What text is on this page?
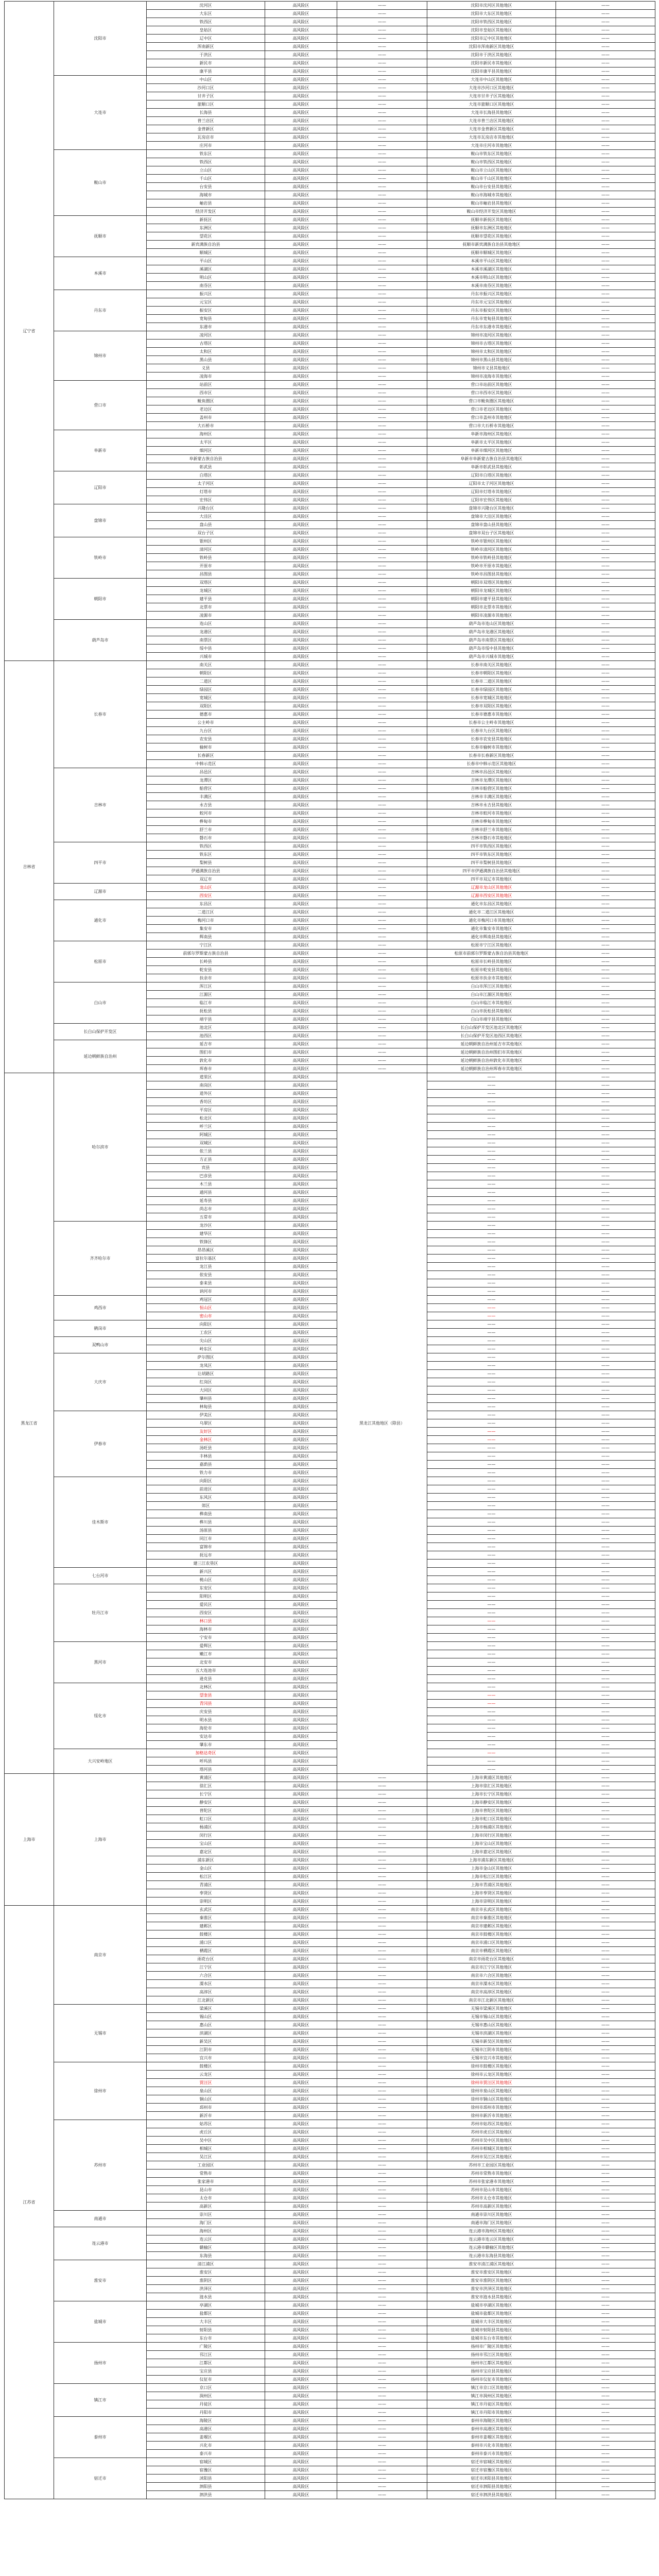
辽宁省	沈阳市	沈河区	高风险区	——	沈阳市沈河区其他地区	——
		大东区	高风险区	——	沈阳市大东区其他地区	——
		铁西区	高风险区	——	沈阳市铁西区其他地区	——
		皇姑区	高风险区	——	沈阳市皇姑区其他地区	——
		辽中区	高风险区	——	沈阳市辽中区其他地区	——
		浑南新区	高风险区	——	沈阳市浑南新区其他地区	——
		于洪区	高风险区	——	沈阳市于洪区其他地区	——
		新民市	高风险区	——	沈阳市新民市其他地区	——
		康平县	高风险区	——	沈阳市康平县其他地区	——
	大连市	中山区	高风险区	——	大连市中山区其他地区	——
		沙河口区	高风险区	——	大连市沙河口区其他地区	——
		甘井子区	高风险区	——	大连市甘井子区其他地区	——
		旅顺口区	高风险区	——	大连市旅顺口区其他地区	——
		长海县	高风险区	——	大连市长海县其他地区	——
		普兰店区	高风险区	——	大连市普兰店区其他地区	——
		金普新区	高风险区	——	大连市金普新区其他地区	——
		瓦房店市	高风险区	——	大连市瓦房店市其他地区	——
		庄河市	高风险区	——	大连市庄河市其他地区	——
	鞍山市	铁东区	高风险区	——	鞍山市铁东区其他地区	——
		铁西区	高风险区	——	鞍山市铁西区其他地区	——
		立山区	高风险区	——	鞍山市立山区其他地区	——
		千山区	高风险区	——	鞍山市千山区其他地区	——
		台安县	高风险区	——	鞍山市台安县其他地区	——
		海城市	高风险区	——	鞍山市海城市其他地区	——
		岫岩县	高风险区	——	鞍山市岫岩县其他地区	——
		经济开发区	高风险区	——	鞍山市经济开发区其他地区	——
	抚顺市	新抚区	高风险区	——	抚顺市新抚区其他地区	——
		东洲区	高风险区	——	抚顺市东洲区其他地区	——
		望花区	高风险区	——	抚顺市望花区其他地区	——
		新宾满族自治县	高风险区	——	抚顺市新宾满族自治县其他地区	——
		顺城区	高风险区	——	抚顺市顺城区其他地区	——
	本溪市	平山区	高风险区	——	本溪市平山区其他地区	——
		溪湖区	高风险区	——	本溪市溪湖区其他地区	——
		明山区	高风险区	——	本溪市明山区其他地区	——
		南芬区	高风险区	——	本溪市南芬区其他地区	——
	丹东市	振兴区	高风险区	——	丹东市振兴区其他地区	——
		元宝区	高风险区	——	丹东市元宝区其他地区	——
		振安区	高风险区	——	丹东市振安区其他地区	——
		宽甸县	高风险区	——	丹东市宽甸县其他地区	——
		东港市	高风险区	——	丹东市东港市其他地区	——
	锦州市	凌河区	高风险区	——	锦州市凌河区其他地区	——
		古塔区	高风险区	——	锦州市古塔区其他地区	——
		太和区	高风险区	——	锦州市太和区其他地区	——
		黑山县	高风险区	——	锦州市黑山县其他地区	——
		义县	高风险区	——	锦州市义县其他地区	——
		凌海市	高风险区	——	锦州市凌海市其他地区	——
	营口市	站前区	高风险区	——	营口市站前区其他地区	——
		西市区	高风险区	——	营口市西市区其他地区	——
		鲅鱼圈区	高风险区	——	营口市鲅鱼圈区其他地区	——
		老边区	高风险区	——	营口市老边区其他地区	——
		盖州市	高风险区	——	营口市盖州市其他地区	——
		大石桥市	高风险区	——	营口市大石桥市其他地区	——
	阜新市	海州区	高风险区	——	阜新市海州区其他地区	——
		太平区	高风险区	——	阜新市太平区其他地区	——
		细河区	高风险区	——	阜新市细河区其他地区	——
		阜新蒙古族自治县	高风险区	——	阜新市阜新蒙古族自治县其他地区	——
		彰武县	高风险区	——	阜新市彰武县其他地区	——
	辽阳市	白塔区	高风险区	——	辽阳市白塔区其他地区	——
		太子河区	高风险区	——	辽阳市太子河区其他地区	——
		灯塔市	高风险区	——	辽阳市灯塔市其他地区	——
		宏伟区	高风险区	——	辽阳市宏伟区其他地区	——
	盘锦市	兴隆台区	高风险区	——	盘锦市兴隆台区其他地区	——
		大洼区	高风险区	——	盘锦市大洼区其他地区	——
		盘山县	高风险区	——	盘锦市盘山县其他地区	——
		双台子区	高风险区	——	盘锦市双台子区其他地区	——
	铁岭市	银州区	高风险区	——	铁岭市银州区其他地区	——
		清河区	高风险区	——	铁岭市清河区其他地区	——
		铁岭县	高风险区	——	铁岭市铁岭县其他地区	——
		开原市	高风险区	——	铁岭市开原市其他地区	——
		昌图县	高风险区	——	铁岭市昌图县其他地区	——
	朝阳市	双塔区	高风险区	——	朝阳市双塔区其他地区	——
		龙城区	高风险区	——	朝阳市龙城区其他地区	——
		建平县	高风险区	——	朝阳市建平县其他地区	——
		北票市	高风险区	——	朝阳市北票市其他地区	——
		凌源市	高风险区	——	朝阳市凌源市其他地区	——
	葫芦岛市	连山区	高风险区	——	葫芦岛市连山区其他地区	——
		龙港区	高风险区	——	葫芦岛市龙港区其他地区	——
		南票区	高风险区	——	葫芦岛市南票区其他地区	——
		绥中县	高风险区	——	葫芦岛市绥中县其他地区	——
		兴城市	高风险区	——	葫芦岛市兴城市其他地区	——
吉林省	长春市	南关区	高风险区	——	长春市南关区其他地区	——
		朝阳区	高风险区	——	长春市朝阳区其他地区	——
		二道区	高风险区	——	长春市二道区其他地区	——
		绿园区	高风险区	——	长春市绿园区其他地区	——
		宽城区	高风险区	——	长春市宽城区其他地区	——
		双阳区	高风险区	——	长春市双阳区其他地区	——
		德惠市	高风险区	——	长春市德惠市其他地区	——
		公主岭市	高风险区	——	长春市公主岭市其他地区	——
		九台区	高风险区	——	长春市九台区其他地区	——
		农安县	高风险区	——	长春市农安县其他地区	——
		榆树市	高风险区	——	长春市榆树市其他地区	——
		长春新区	高风险区	——	长春市长春新区其他地区	——
		中韩示范区	高风险区	——	长春市中韩示范区其他地区	——
	吉林市	昌邑区	高风险区	——	吉林市昌邑区其他地区	——
		龙潭区	高风险区	——	吉林市龙潭区其他地区	——
		船营区	高风险区	——	吉林市船营区其他地区	——
		丰满区	高风险区	——	吉林市丰满区其他地区	——
		永吉县	高风险区	——	吉林市永吉县其他地区	——
		蛟河市	高风险区	——	吉林市蛟河市其他地区	——
		桦甸市	高风险区	——	吉林市桦甸市其他地区	——
		舒兰市	高风险区	——	吉林市舒兰市其他地区	——
		磐石市	高风险区	——	吉林市磐石市其他地区	——
	四平市	铁西区	高风险区	——	四平市铁西区其他地区	——
		铁东区	高风险区	——	四平市铁东区其他地区	——
		梨树县	高风险区	——	四平市梨树县其他地区	——
		伊通满族自治县	高风险区	——	四平市伊通满族自治县其他地区	——
		双辽市	高风险区	——	四平市双辽市其他地区	——
	辽源市	龙山区	高风险区	——	辽源市龙山区其他地区	——
		西安区	高风险区	——	辽源市西安区其他地区	——
	通化市	东昌区	高风险区	——	通化市东昌区其他地区	——
		二道江区	高风险区	——	通化市二道江区其他地区	——
		梅河口市	高风险区	——	通化市梅河口市其他地区	——
		集安市	高风险区	——	通化市集安市其他地区	——
		辉南县	高风险区	——	通化市辉南县其他地区	——
	松原市	宁江区	高风险区	——	松原市宁江区其他地区	——
		前郭尔罗斯蒙古族自治县	高风险区	——	松原市前郭尔罗斯蒙古族自治县其他地区	——
		长岭县	高风险区	——	松原市长岭县其他地区	——
		乾安县	高风险区	——	松原市乾安县其他地区	——
		扶余市	高风险区	——	松原市扶余市其他地区	——
	白山市	浑江区	高风险区	——	白山市浑江区其他地区	——
		江源区	高风险区	——	白山市江源区其他地区	——
		临江市	高风险区	——	白山市临江市其他地区	——
		抚松县	高风险区	——	白山市抚松县其他地区	——
		靖宇县	高风险区	——	白山市靖宇县其他地区	——
	长白山保护开发区	池北区	高风险区	——	长白山保护开发区池北区其他地区	——
		池西区	高风险区	——	长白山保护开发区池西区其他地区	——
	延边朝鲜族自治州	延吉市	高风险区	——	延边朝鲜族自治州延吉市其他地区	——
		图们市	高风险区	——	延边朝鲜族自治州图们市其他地区	——
		敦化市	高风险区	——	延边朝鲜族自治州敦化市其他地区	——
		珲春市	高风险区	——	延边朝鲜族自治州珲春市其他地区	——
黑龙江省	哈尔滨市	道里区	高风险区	黑龙江其他地区（除县）	——	——
		南岗区	高风险区		——	——
		道外区	高风险区		——	——
		香坊区	高风险区		——	——
		平房区	高风险区		——	——
		松北区	高风险区		——	——
		呼兰区	高风险区		——	——
		阿城区	高风险区		——	——
		双城区	高风险区		——	——
		依兰县	高风险区		——	——
		方正县	高风险区		——	——
		宾县	高风险区		——	——
		巴彦县	高风险区		——	——
		木兰县	高风险区		——	——
		通河县	高风险区		——	——
		延寿县	高风险区		——	——
		尚志市	高风险区		——	——
		五常市	高风险区		——	——
	齐齐哈尔市	龙沙区	高风险区		——	——
		建华区	高风险区		——	——
		铁锋区	高风险区		——	——
		昂昂溪区	高风险区		——	——
		富拉尔基区	高风险区		——	——
		龙江县	高风险区		——	——
		依安县	高风险区		——	——
		泰来县	高风险区		——	——
		讷河市	高风险区		——	——
	鸡西市	鸡冠区	高风险区		——	——
		恒山区	高风险区		——	——
		密山市	高风险区		——	——
	鹤岗市	向阳区	高风险区		——	——
		工农区	高风险区		——	——
	双鸭山市	尖山区	高风险区		——	——
		岭东区	高风险区		——	——
	大庆市	萨尔图区	高风险区		——	——
		龙凤区	高风险区		——	——
		让胡路区	高风险区		——	——
		红岗区	高风险区		——	——
		大同区	高风险区		——	——
		肇州县	高风险区		——	——
		林甸县	高风险区		——	——
	伊春市	伊美区	高风险区		——	——
		乌翠区	高风险区		——	——
		友好区	高风险区		——	——
		金林区	高风险区		——	——
		汤旺县	高风险区		——	——
		丰林县	高风险区		——	——
		嘉荫县	高风险区		——	——
		铁力市	高风险区		——	——
	佳木斯市	向阳区	高风险区		——	——
		前进区	高风险区		——	——
		东风区	高风险区		——	——
		郊区	高风险区		——	——
		桦南县	高风险区		——	——
		桦川县	高风险区		——	——
		汤原县	高风险区		——	——
		同江市	高风险区		——	——
		富锦市	高风险区		——	——
		抚远市	高风险区		——	——
		建三江农垦区	高风险区		——	——
	七台河市	新兴区	高风险区		——	——
		桃山区	高风险区		——	——
	牡丹江市	东安区	高风险区		——	——
		阳明区	高风险区		——	——
		爱民区	高风险区		——	——
		西安区	高风险区		——	——
		林口县	高风险区		——	——
		海林市	高风险区		——	——
		宁安市	高风险区		——	——
	黑河市	爱辉区	高风险区		——	——
		嫩江市	高风险区		——	——
		北安市	高风险区		——	——
		五大连池市	高风险区		——	——
		逊克县	高风险区		——	——
	绥化市	北林区	高风险区		——	——
		望奎县	高风险区		——	——
		青冈县	高风险区		——	——
		庆安县	高风险区		——	——
		明水县	高风险区		——	——
		海伦市	高风险区		——	——
		安达市	高风险区		——	——
		肇东市	高风险区		——	——
	大兴安岭地区	加格达奇区	高风险区		——	——
		呼玛县	高风险区		——	——
		塔河县	高风险区		——	——
上海市	上海市	黄浦区	高风险区	——	上海市黄浦区其他地区	——
		徐汇区	高风险区	——	上海市徐汇区其他地区	——
		长宁区	高风险区	——	上海市长宁区其他地区	——
		静安区	高风险区	——	上海市静安区其他地区	——
		普陀区	高风险区	——	上海市普陀区其他地区	——
		虹口区	高风险区	——	上海市虹口区其他地区	——
		杨浦区	高风险区	——	上海市杨浦区其他地区	——
		闵行区	高风险区	——	上海市闵行区其他地区	——
		宝山区	高风险区	——	上海市宝山区其他地区	——
		嘉定区	高风险区	——	上海市嘉定区其他地区	——
		浦东新区	高风险区	——	上海市浦东新区其他地区	——
		金山区	高风险区	——	上海市金山区其他地区	——
		松江区	高风险区	——	上海市松江区其他地区	——
		青浦区	高风险区	——	上海市青浦区其他地区	——
		奉贤区	高风险区	——	上海市奉贤区其他地区	——
		崇明区	高风险区	——	上海市崇明区其他地区	——
江苏省	南京市	玄武区	高风险区	——	南京市玄武区其他地区	——
		秦淮区	高风险区	——	南京市秦淮区其他地区	——
		建邺区	高风险区	——	南京市建邺区其他地区	——
		鼓楼区	高风险区	——	南京市鼓楼区其他地区	——
		浦口区	高风险区	——	南京市浦口区其他地区	——
		栖霞区	高风险区	——	南京市栖霞区其他地区	——
		雨花台区	高风险区	——	南京市雨花台区其他地区	——
		江宁区	高风险区	——	南京市江宁区其他地区	——
		六合区	高风险区	——	南京市六合区其他地区	——
		溧水区	高风险区	——	南京市溧水区其他地区	——
		高淳区	高风险区	——	南京市高淳区其他地区	——
		江北新区	高风险区	——	南京市江北新区其他地区	——
	无锡市	梁溪区	高风险区	——	无锡市梁溪区其他地区	——
		锡山区	高风险区	——	无锡市锡山区其他地区	——
		惠山区	高风险区	——	无锡市惠山区其他地区	——
		滨湖区	高风险区	——	无锡市滨湖区其他地区	——
		新吴区	高风险区	——	无锡市新吴区其他地区	——
		江阴市	高风险区	——	无锡市江阴市其他地区	——
		宜兴市	高风险区	——	无锡市宜兴市其他地区	——
	徐州市	鼓楼区	高风险区	——	徐州市鼓楼区其他地区	——
		云龙区	高风险区	——	徐州市云龙区其他地区	——
		贾汪区	高风险区	——	徐州市贾汪区其他地区	——
		泉山区	高风险区	——	徐州市泉山区其他地区	——
		铜山区	高风险区	——	徐州市铜山区其他地区	——
		邳州市	高风险区	——	徐州市邳州市其他地区	——
		新沂市	高风险区	——	徐州市新沂市其他地区	——
	苏州市	姑苏区	高风险区	——	苏州市姑苏区其他地区	——
		虎丘区	高风险区	——	苏州市虎丘区其他地区	——
		吴中区	高风险区	——	苏州市吴中区其他地区	——
		相城区	高风险区	——	苏州市相城区其他地区	——
		吴江区	高风险区	——	苏州市吴江区其他地区	——
		工业园区	高风险区	——	苏州市工业园区其他地区	——
		常熟市	高风险区	——	苏州市常熟市其他地区	——
		张家港市	高风险区	——	苏州市张家港市其他地区	——
		昆山市	高风险区	——	苏州市昆山市其他地区	——
		太仓市	高风险区	——	苏州市太仓市其他地区	——
		高新区	高风险区	——	苏州市高新区其他地区	——
	南通市	崇川区	高风险区	——	南通市崇川区其他地区	——
		海门区	高风险区	——	南通市海门区其他地区	——
	连云港市	海州区	高风险区	——	连云港市海州区其他地区	——
		连云区	高风险区	——	连云港市连云区其他地区	——
		赣榆区	高风险区	——	连云港市赣榆区其他地区	——
		东海县	高风险区	——	连云港市东海县其他地区	——
	淮安市	清江浦区	高风险区	——	淮安市清江浦区其他地区	——
		淮安区	高风险区	——	淮安市淮安区其他地区	——
		淮阴区	高风险区	——	淮安市淮阴区其他地区	——
		洪泽区	高风险区	——	淮安市洪泽区其他地区	——
		涟水县	高风险区	——	淮安市涟水县其他地区	——
	盐城市	亭湖区	高风险区	——	盐城市亭湖区其他地区	——
		盐都区	高风险区	——	盐城市盐都区其他地区	——
		大丰区	高风险区	——	盐城市大丰区其他地区	——
		射阳县	高风险区	——	盐城市射阳县其他地区	——
		东台市	高风险区	——	盐城市东台市其他地区	——
	扬州市	广陵区	高风险区	——	扬州市广陵区其他地区	——
		邗江区	高风险区	——	扬州市邗江区其他地区	——
		江都区	高风险区	——	扬州市江都区其他地区	——
		宝应县	高风险区	——	扬州市宝应县其他地区	——
		仪征市	高风险区	——	扬州市仪征市其他地区	——
	镇江市	京口区	高风险区	——	镇江市京口区其他地区	——
		润州区	高风险区	——	镇江市润州区其他地区	——
		丹徒区	高风险区	——	镇江市丹徒区其他地区	——
		丹阳市	高风险区	——	镇江市丹阳市其他地区	——
	泰州市	海陵区	高风险区	——	泰州市海陵区其他地区	——
		高港区	高风险区	——	泰州市高港区其他地区	——
		姜堰区	高风险区	——	泰州市姜堰区其他地区	——
		兴化市	高风险区	——	泰州市兴化市其他地区	——
		泰兴市	高风险区	——	泰州市泰兴市其他地区	——
	宿迁市	宿城区	高风险区	——	宿迁市宿城区其他地区	——
		宿豫区	高风险区	——	宿迁市宿豫区其他地区	——
		沭阳县	高风险区	——	宿迁市沭阳县其他地区	——
		泗阳县	高风险区	——	宿迁市泗阳县其他地区	——
		泗洪县	高风险区	——	宿迁市泗洪县其他地区	——
